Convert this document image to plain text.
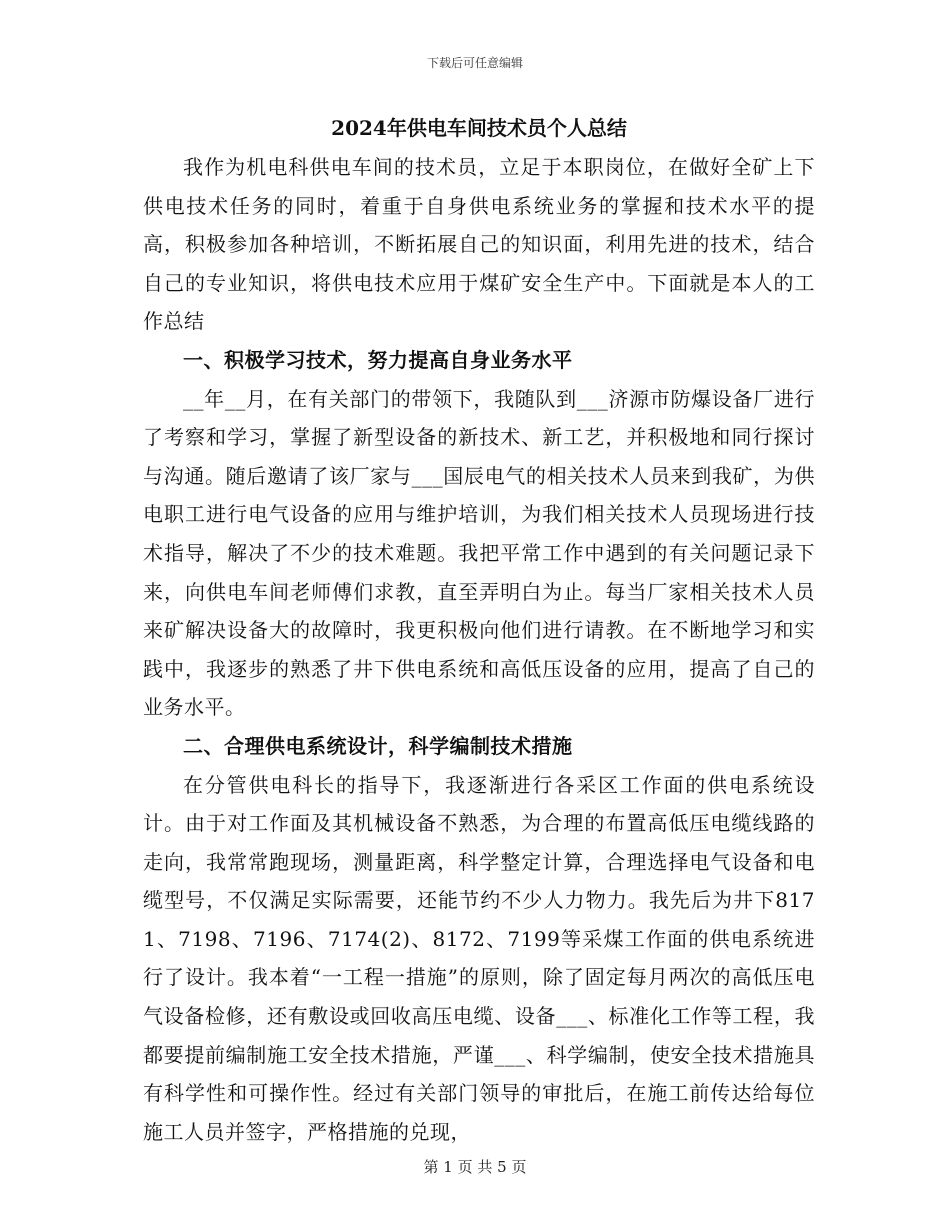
下载后可任意编辑
2024年供电车间技术员个人总结

我作为机电科供电车间的技术员，立足于本职岗位，在做好全矿上下供电技术任务的同时，着重于自身供电系统业务的掌握和技术水平的提高，积极参加各种培训，不断拓展自己的知识面，利用先进的技术，结合自己的专业知识，将供电技术应用于煤矿安全生产中。下面就是本人的工作总结

一、积极学习技术，努力提高自身业务水平

__年__月，在有关部门的带领下，我随队到___济源市防爆设备厂进行了考察和学习，掌握了新型设备的新技术、新工艺，并积极地和同行探讨与沟通。随后邀请了该厂家与___国辰电气的相关技术人员来到我矿，为供电职工进行电气设备的应用与维护培训，为我们相关技术人员现场进行技术指导，解决了不少的技术难题。我把平常工作中遇到的有关问题记录下来，向供电车间老师傅们求教，直至弄明白为止。每当厂家相关技术人员来矿解决设备大的故障时，我更积极向他们进行请教。在不断地学习和实践中，我逐步的熟悉了井下供电系统和高低压设备的应用，提高了自己的业务水平。

二、合理供电系统设计，科学编制技术措施

在分管供电科长的指导下，我逐渐进行各采区工作面的供电系统设计。由于对工作面及其机械设备不熟悉，为合理的布置高低压电缆线路的走向，我常常跑现场，测量距离，科学整定计算，合理选择电气设备和电缆型号，不仅满足实际需要，还能节约不少人力物力。我先后为井下8171、7198、7196、7174(2)、8172、7199等采煤工作面的供电系统进行了设计。我本着“一工程一措施”的原则，除了固定每月两次的高低压电气设备检修，还有敷设或回收高压电缆、设备___、标准化工作等工程，我都要提前编制施工安全技术措施，严谨___、科学编制，使安全技术措施具有科学性和可操作性。经过有关部门领导的审批后，在施工前传达给每位施工人员并签字，严格措施的兑现，

第 1 页 共 5 页
